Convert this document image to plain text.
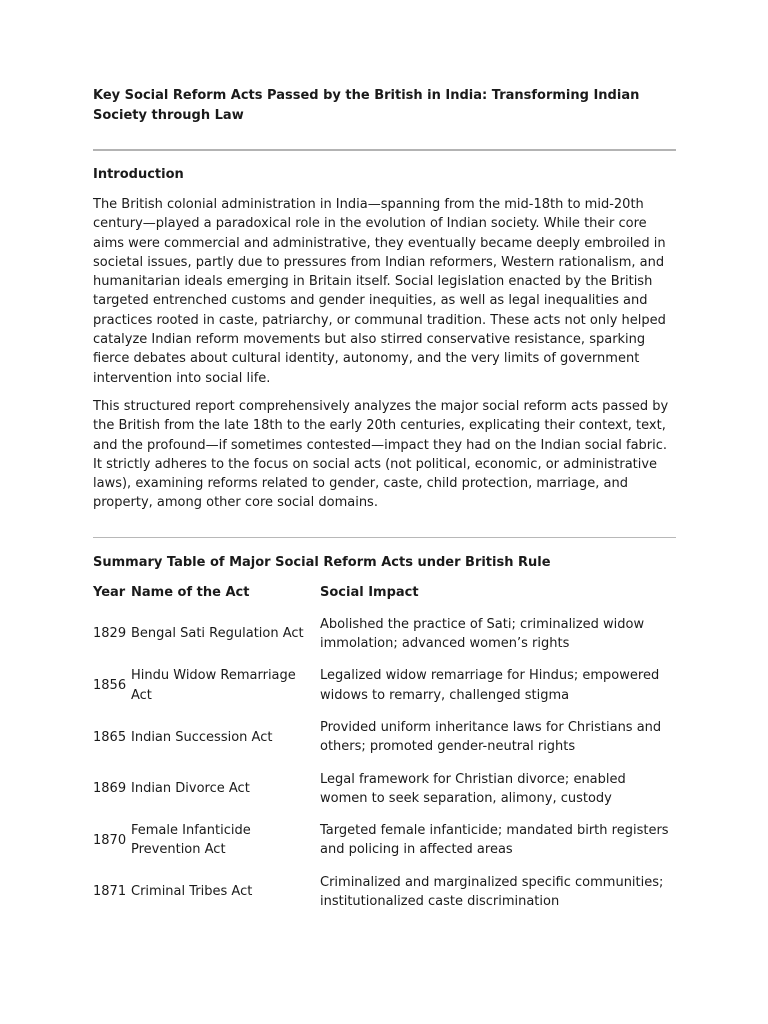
Key Social Reform Acts Passed by the British in India: Transforming Indian Society through Law
Introduction

The British colonial administration in India—spanning from the mid-18th to mid-20th century—played a paradoxical role in the evolution of Indian society. While their core aims were commercial and administrative, they eventually became deeply embroiled in societal issues, partly due to pressures from Indian reformers, Western rationalism, and humanitarian ideals emerging in Britain itself. Social legislation enacted by the British targeted entrenched customs and gender inequities, as well as legal inequalities and practices rooted in caste, patriarchy, or communal tradition. These acts not only helped catalyze Indian reform movements but also stirred conservative resistance, sparking fierce debates about cultural identity, autonomy, and the very limits of government intervention into social life.

This structured report comprehensively analyzes the major social reform acts passed by the British from the late 18th to the early 20th centuries, explicating their context, text, and the profound—if sometimes contested—impact they had on the Indian social fabric. It strictly adheres to the focus on social acts (not political, economic, or administrative laws), examining reforms related to gender, caste, child protection, marriage, and property, among other core social domains.

Summary Table of Major Social Reform Acts under British Rule
Year	Name of the Act	Social Impact
1829	Bengal Sati Regulation Act	Abolished the practice of Sati; criminalized widow immolation; advanced women’s rights
1856	Hindu Widow Remarriage Act	Legalized widow remarriage for Hindus; empowered widows to remarry, challenged stigma
1865	Indian Succession Act	Provided uniform inheritance laws for Christians and others; promoted gender-neutral rights
1869	Indian Divorce Act	Legal framework for Christian divorce; enabled women to seek separation, alimony, custody
1870	Female Infanticide Prevention Act	Targeted female infanticide; mandated birth registers and policing in affected areas
1871	Criminal Tribes Act	Criminalized and marginalized specific communities; institutionalized caste discrimination
